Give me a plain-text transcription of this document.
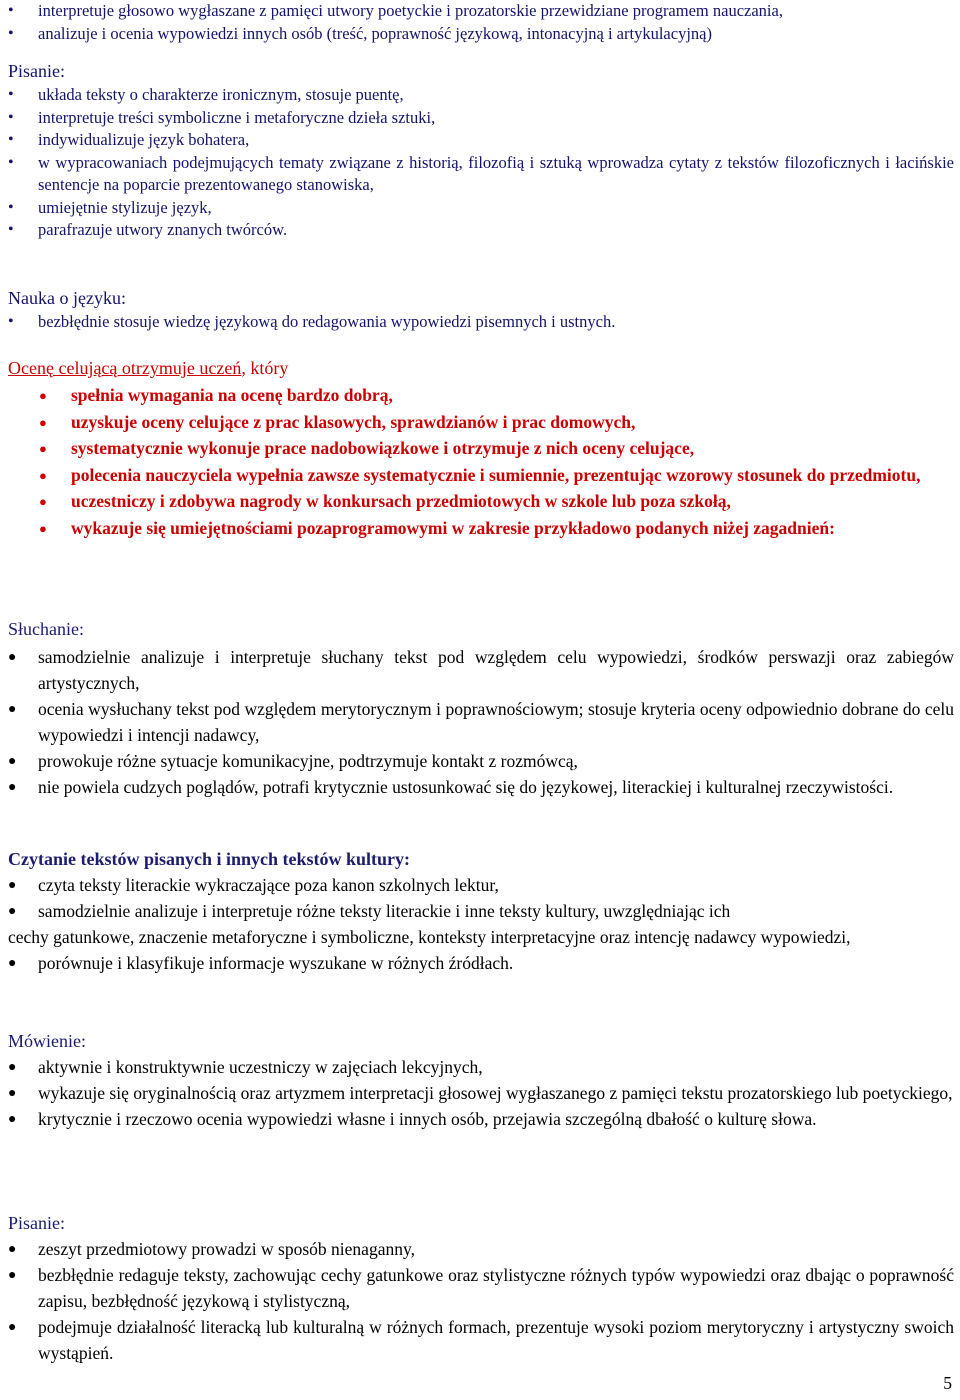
• interpretuje głosowo wygłaszane z pamięci utwory poetyckie i prozatorskie przewidziane programem nauczania,
• analizuje i ocenia wypowiedzi innych osób (treść, poprawność językową, intonacyjną i artykulacyjną)
Pisanie:
• układa teksty o charakterze ironicznym, stosuje puentę,
• interpretuje treści symboliczne i metaforyczne dzieła sztuki,
• indywidualizuje język bohatera,
• w wypracowaniach podejmujących tematy związane z historią, filozofią i sztuką wprowadza cytaty z tekstów filozoficznych i łacińskie sentencje na poparcie prezentowanego stanowiska,
• umiejętnie stylizuje język,
• parafrazuje utwory znanych twórców.
Nauka o języku:
• bezbłędnie stosuje wiedzę językową do redagowania wypowiedzi pisemnych i ustnych.
Ocenę celującą otrzymuje uczeń, który
● spełnia wymagania na ocenę bardzo dobrą,
● uzyskuje oceny celujące z prac klasowych, sprawdzianów i prac domowych,
● systematycznie wykonuje prace nadobowiązkowe i otrzymuje z nich oceny celujące,
● polecenia nauczyciela wypełnia zawsze systematycznie i sumiennie, prezentując wzorowy stosunek do przedmiotu,
● uczestniczy i zdobywa nagrody w konkursach przedmiotowych w szkole lub poza szkołą,
● wykazuje się umiejętnościami pozaprogramowymi w zakresie przykładowo podanych niżej zagadnień:
Słuchanie:
● samodzielnie analizuje i interpretuje słuchany tekst pod względem celu wypowiedzi, środków perswazji oraz zabiegów artystycznych,
● ocenia wysłuchany tekst pod względem merytorycznym i poprawnościowym; stosuje kryteria oceny odpowiednio dobrane do celu wypowiedzi i intencji nadawcy,
● prowokuje różne sytuacje komunikacyjne, podtrzymuje kontakt z rozmówcą,
● nie powiela cudzych poglądów, potrafi krytycznie ustosunkować się do językowej, literackiej i kulturalnej rzeczywistości.
Czytanie tekstów pisanych i innych tekstów kultury:
● czyta teksty literackie wykraczające poza kanon szkolnych lektur,
● samodzielnie analizuje i interpretuje różne teksty literackie i inne teksty kultury, uwzględniając ich
cechy gatunkowe, znaczenie metaforyczne i symboliczne, konteksty interpretacyjne oraz intencję nadawcy wypowiedzi,
● porównuje i klasyfikuje informacje wyszukane w różnych źródłach.
Mówienie:
● aktywnie i konstruktywnie uczestniczy w zajęciach lekcyjnych,
● wykazuje się oryginalnością oraz artyzmem interpretacji głosowej wygłaszanego z pamięci tekstu prozatorskiego lub poetyckiego,
● krytycznie i rzeczowo ocenia wypowiedzi własne i innych osób, przejawia szczególną dbałość o kulturę słowa.
Pisanie:
● zeszyt przedmiotowy prowadzi w sposób nienaganny,
● bezbłędnie redaguje teksty, zachowując cechy gatunkowe oraz stylistyczne różnych typów wypowiedzi oraz dbając o poprawność zapisu, bezbłędność językową i stylistyczną,
● podejmuje działalność literacką lub kulturalną w różnych formach, prezentuje wysoki poziom merytoryczny i artystyczny swoich wystąpień.
5
